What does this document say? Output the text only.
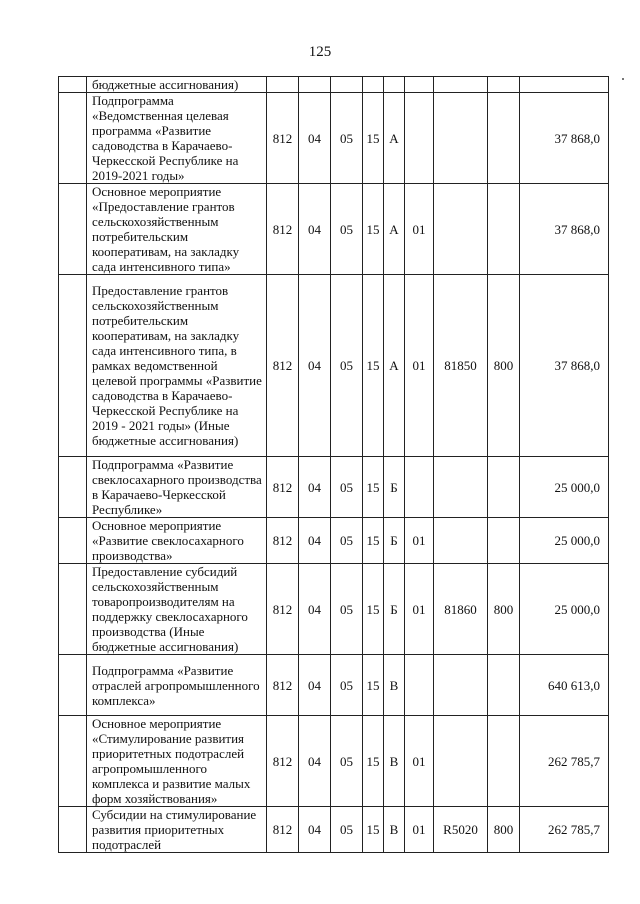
125
	бюджетные ассигнования)									
	Подпрограмма «Ведомственная целевая программа «Развитие садоводства в Карачаево-Черкесской Республике на 2019-2021 годы»	812	04	05	15	А				37 868,0
	Основное мероприятие «Предоставление грантов сельскохозяйственным потребительским кооперативам, на закладку сада интенсивного типа»	812	04	05	15	А	01			37 868,0
	Предоставление грантов сельскохозяйственным потребительским кооперативам, на закладку сада интенсивного типа, в рамках ведомственной целевой программы «Развитие садоводства в Карачаево-Черкесской Республике на 2019 - 2021 годы» (Иные бюджетные ассигнования)	812	04	05	15	А	01	81850	800	37 868,0
	Подпрограмма «Развитие свеклосахарного производства в Карачаево-Черкесской Республике»	812	04	05	15	Б				25 000,0
	Основное мероприятие «Развитие свеклосахарного производства»	812	04	05	15	Б	01			25 000,0
	Предоставление субсидий сельскохозяйственным товаропроизводителям на поддержку свеклосахарного производства (Иные бюджетные ассигнования)	812	04	05	15	Б	01	81860	800	25 000,0
	Подпрограмма «Развитие отраслей агропромышленного комплекса»	812	04	05	15	В				640 613,0
	Основное мероприятие «Стимулирование развития приоритетных подотраслей агропромышленного комплекса и развитие малых форм хозяйствования»	812	04	05	15	В	01			262 785,7
	Субсидии на стимулирование развития приоритетных подотраслей	812	04	05	15	В	01	R5020	800	262 785,7
